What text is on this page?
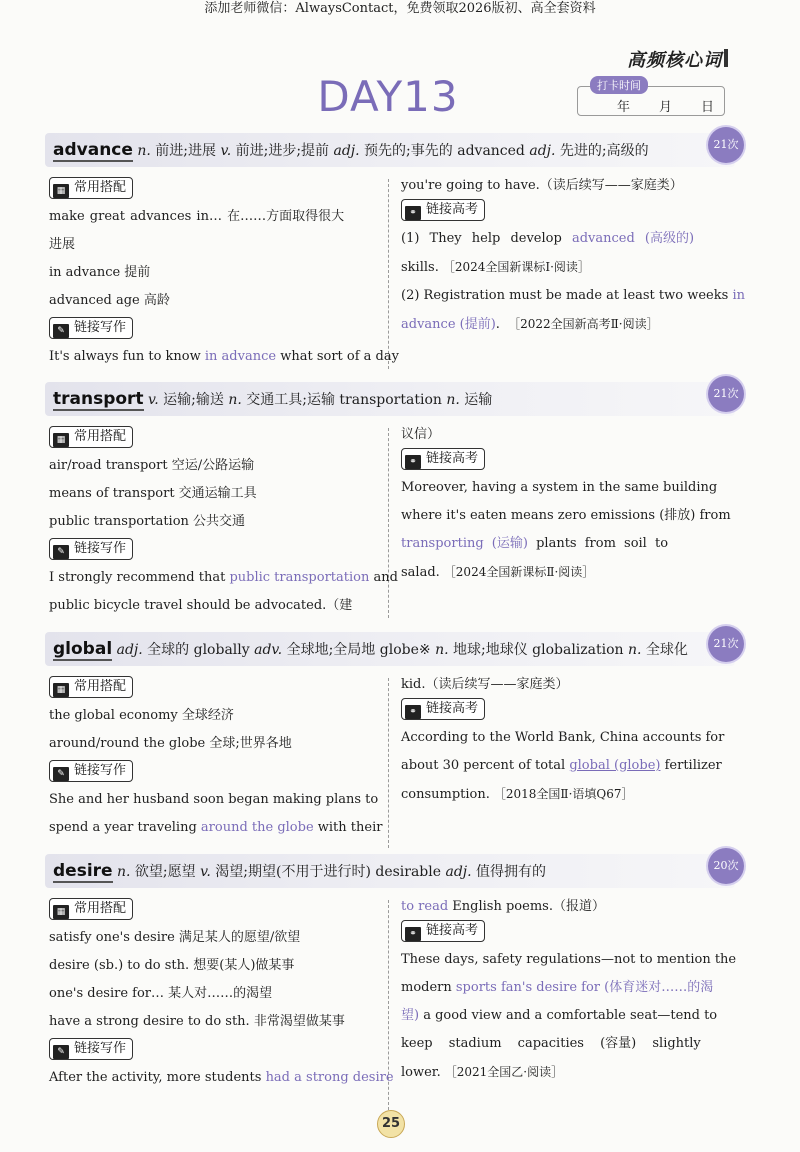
添加老师微信：AlwaysContact，免费领取2026版初、高全套资料
高频核心词
DAY13	打卡时间
年 月 日
advance n. 前进;进展 v. 前进;进步;提前 adj. 预先的;事先的 advanced adj. 先进的;高级的	21次
▦ 常用搭配
make great advances in… 在……方面取得很大
进展
in advance 提前
advanced age 高龄
✎ 链接写作
It's always fun to know in advance what sort of a day
you're going to have.（读后续写——家庭类）
⚭ 链接高考
(1) They help develop advanced (高级的)
skills. ［2024全国新课标Ⅰ·阅读］
(2) Registration must be made at least two weeks in
advance (提前). ［2022全国新高考Ⅱ·阅读］
transport v. 运输;输送 n. 交通工具;运输 transportation n. 运输	21次
▦ 常用搭配
air/road transport 空运/公路运输
means of transport 交通运输工具
public transportation 公共交通
✎ 链接写作
I strongly recommend that public transportation and
public bicycle travel should be advocated.（建
议信）
⚭ 链接高考
Moreover, having a system in the same building
where it's eaten means zero emissions (排放) from
transporting (运输) plants from soil to
salad. ［2024全国新课标Ⅱ·阅读］
global adj. 全球的 globally adv. 全球地;全局地 globe※ n. 地球;地球仪 globalization n. 全球化	21次
▦ 常用搭配
the global economy 全球经济
around/round the globe 全球;世界各地
✎ 链接写作
She and her husband soon began making plans to
spend a year traveling around the globe with their
kid.（读后续写——家庭类）
⚭ 链接高考
According to the World Bank, China accounts for
about 30 percent of total global (globe) fertilizer
consumption. ［2018全国Ⅱ·语填Q67］
desire n. 欲望;愿望 v. 渴望;期望(不用于进行时) desirable adj. 值得拥有的	20次
▦ 常用搭配
satisfy one's desire 满足某人的愿望/欲望
desire (sb.) to do sth. 想要(某人)做某事
one's desire for… 某人对……的渴望
have a strong desire to do sth. 非常渴望做某事
✎ 链接写作
After the activity, more students had a strong desire
to read English poems.（报道）
⚭ 链接高考
These days, safety regulations—not to mention the
modern sports fan's desire for (体育迷对……的渴
望) a good view and a comfortable seat—tend to
keep stadium capacities (容量) slightly
lower. ［2021全国乙·阅读］
25
